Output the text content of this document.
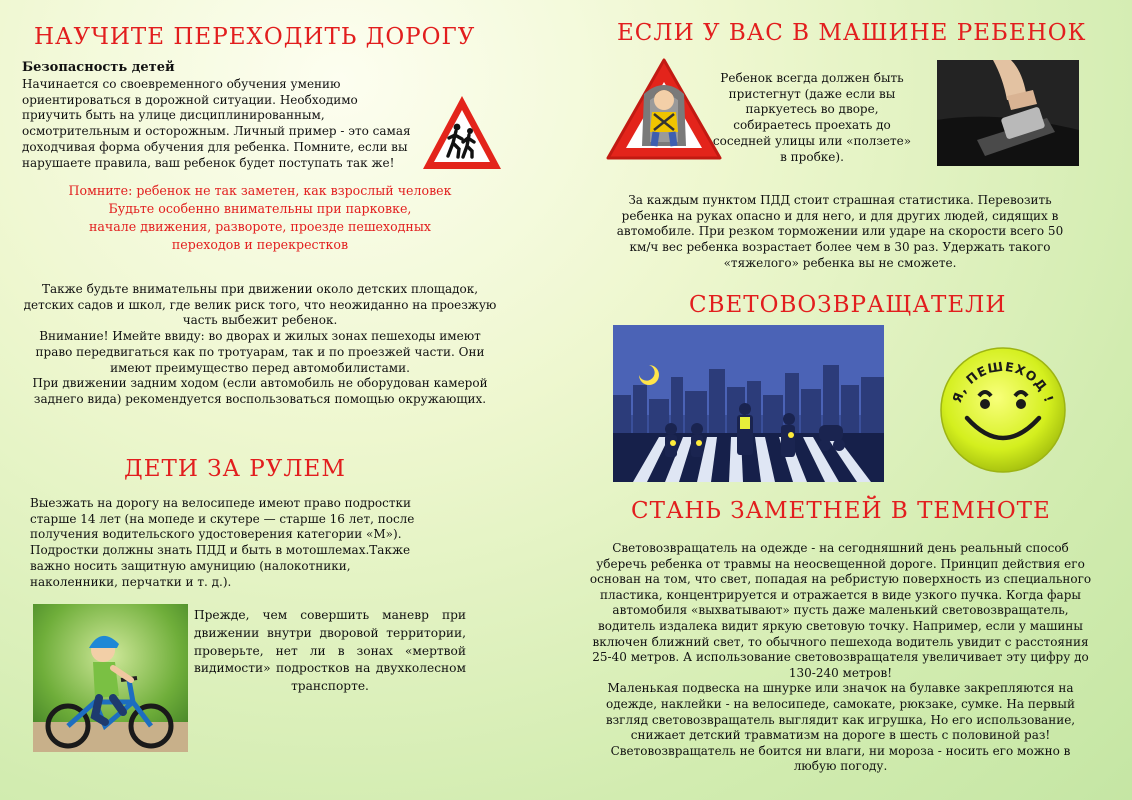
НАУЧИТЕ ПЕРЕХОДИТЬ ДОРОГУ
Безопасность детей

Начинается со своевременного обучения умению ориентироваться в дорожной ситуации. Необходимо приучить быть на улице дисциплинированным, осмотрительным и осторожным. Личный пример - это самая доходчивая форма обучения для ребенка. Помните, если вы нарушаете правила, ваш ребенок будет поступать так же!

Помните: ребенок не так заметен, как взрослый человек
Будьте особенно внимательны при парковке,
начале движения, развороте, проезде пешеходных
переходов и перекрестков

Также будьте внимательны при движении около детских площадок, детских садов и школ, где велик риск того, что неожиданно на проезжую часть выбежит ребенок.
Внимание! Имейте ввиду: во дворах и жилых зонах пешеходы имеют право передвигаться как по тротуарам, так и по проезжей части. Они имеют преимущество перед автомобилистами.
При движении задним ходом (если автомобиль не оборудован камерой заднего вида) рекомендуется воспользоваться помощью окружающих.

ДЕТИ ЗА РУЛЕМ

Выезжать на дорогу на велосипеде имеют право подростки старше 14 лет (на мопеде и скутере — старше 16 лет, после получения водительского удостоверения категории «М»). Подростки должны знать ПДД и быть в мотошлемах.Также важно носить защитную амуницию (налокотники, наколенники, перчатки и т. д.).

Прежде, чем совершить маневр при движении внутри дворовой территории, проверьте, нет ли в зонах «мертвой видимости» подростков на двухколесном транспорте.

ЕСЛИ У ВАС В МАШИНЕ РЕБЕНОК

Ребенок всегда должен быть пристегнут (даже если вы паркуетесь во дворе, собираетесь проехать до соседней улицы или «ползете» в пробке).

За каждым пунктом ПДД стоит страшная статистика. Перевозить ребенка на руках опасно и для него, и для других людей, сидящих в автомобиле. При резком торможении или ударе на скорости всего 50 км/ч вес ребенка возрастает более чем в 30 раз. Удержать такого «тяжелого» ребенка вы не сможете.

СВЕТОВОЗВРАЩАТЕЛИ
Я, ПЕШЕХОД !
СТАНЬ ЗАМЕТНЕЙ В ТЕМНОТЕ

Световозвращатель на одежде - на сегодняшний день реальный способ уберечь ребенка от травмы на неосвещенной дороге. Принцип действия его основан на том, что свет, попадая на ребристую поверхность из специального пластика, концентрируется и отражается в виде узкого пучка. Когда фары автомобиля «выхватывают» пусть даже маленький световозвращатель, водитель издалека видит яркую световую точку. Например, если у машины включен ближний свет, то обычного пешехода водитель увидит с расстояния 25-40 метров. А использование световозвращателя увеличивает эту цифру до 130-240 метров!
Маленькая подвеска на шнурке или значок на булавке закрепляются на одежде, наклейки - на велосипеде, самокате, рюкзаке, сумке. На первый взгляд световозвращатель выглядит как игрушка, Но его использование, снижает детский травматизм на дороге в шесть с половиной раз!
Световозвращатель не боится ни влаги, ни мороза - носить его можно в любую погоду.
